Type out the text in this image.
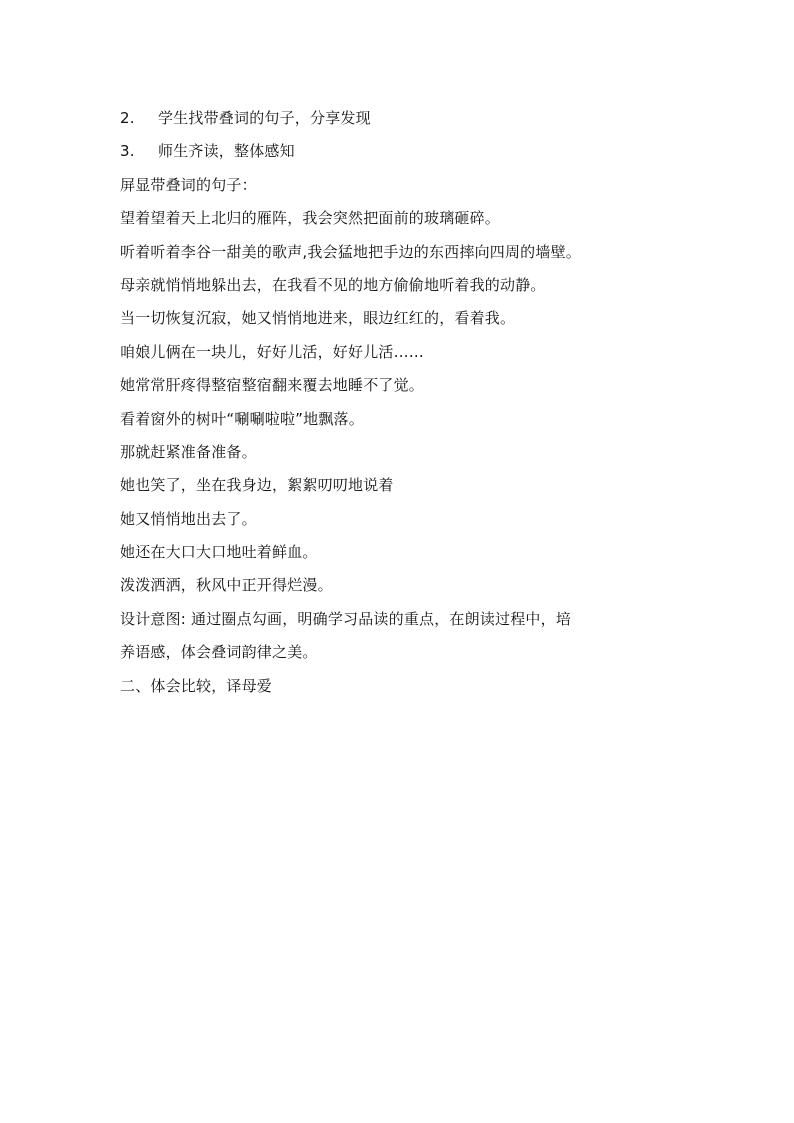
2. 学生找带叠词的句子，分享发现
3. 师生齐读，整体感知
屏显带叠词的句子：
望着望着天上北归的雁阵，我会突然把面前的玻璃砸碎。
听着听着李谷一甜美的歌声,我会猛地把手边的东西摔向四周的墙壁。
母亲就悄悄地躲出去，在我看不见的地方偷偷地听着我的动静。
当一切恢复沉寂，她又悄悄地进来，眼边红红的，看着我。
咱娘儿俩在一块儿，好好儿活，好好儿活……
她常常肝疼得整宿整宿翻来覆去地睡不了觉。
看着窗外的树叶“唰唰啦啦”地飘落。
那就赶紧准备准备。
她也笑了，坐在我身边，絮絮叨叨地说着
她又悄悄地出去了。
她还在大口大口地吐着鲜血。
泼泼洒洒，秋风中正开得烂漫。
设计意图: 通过圈点勾画，明确学习品读的重点，在朗读过程中，培
养语感，体会叠词韵律之美。
二、体会比较，译母爱
